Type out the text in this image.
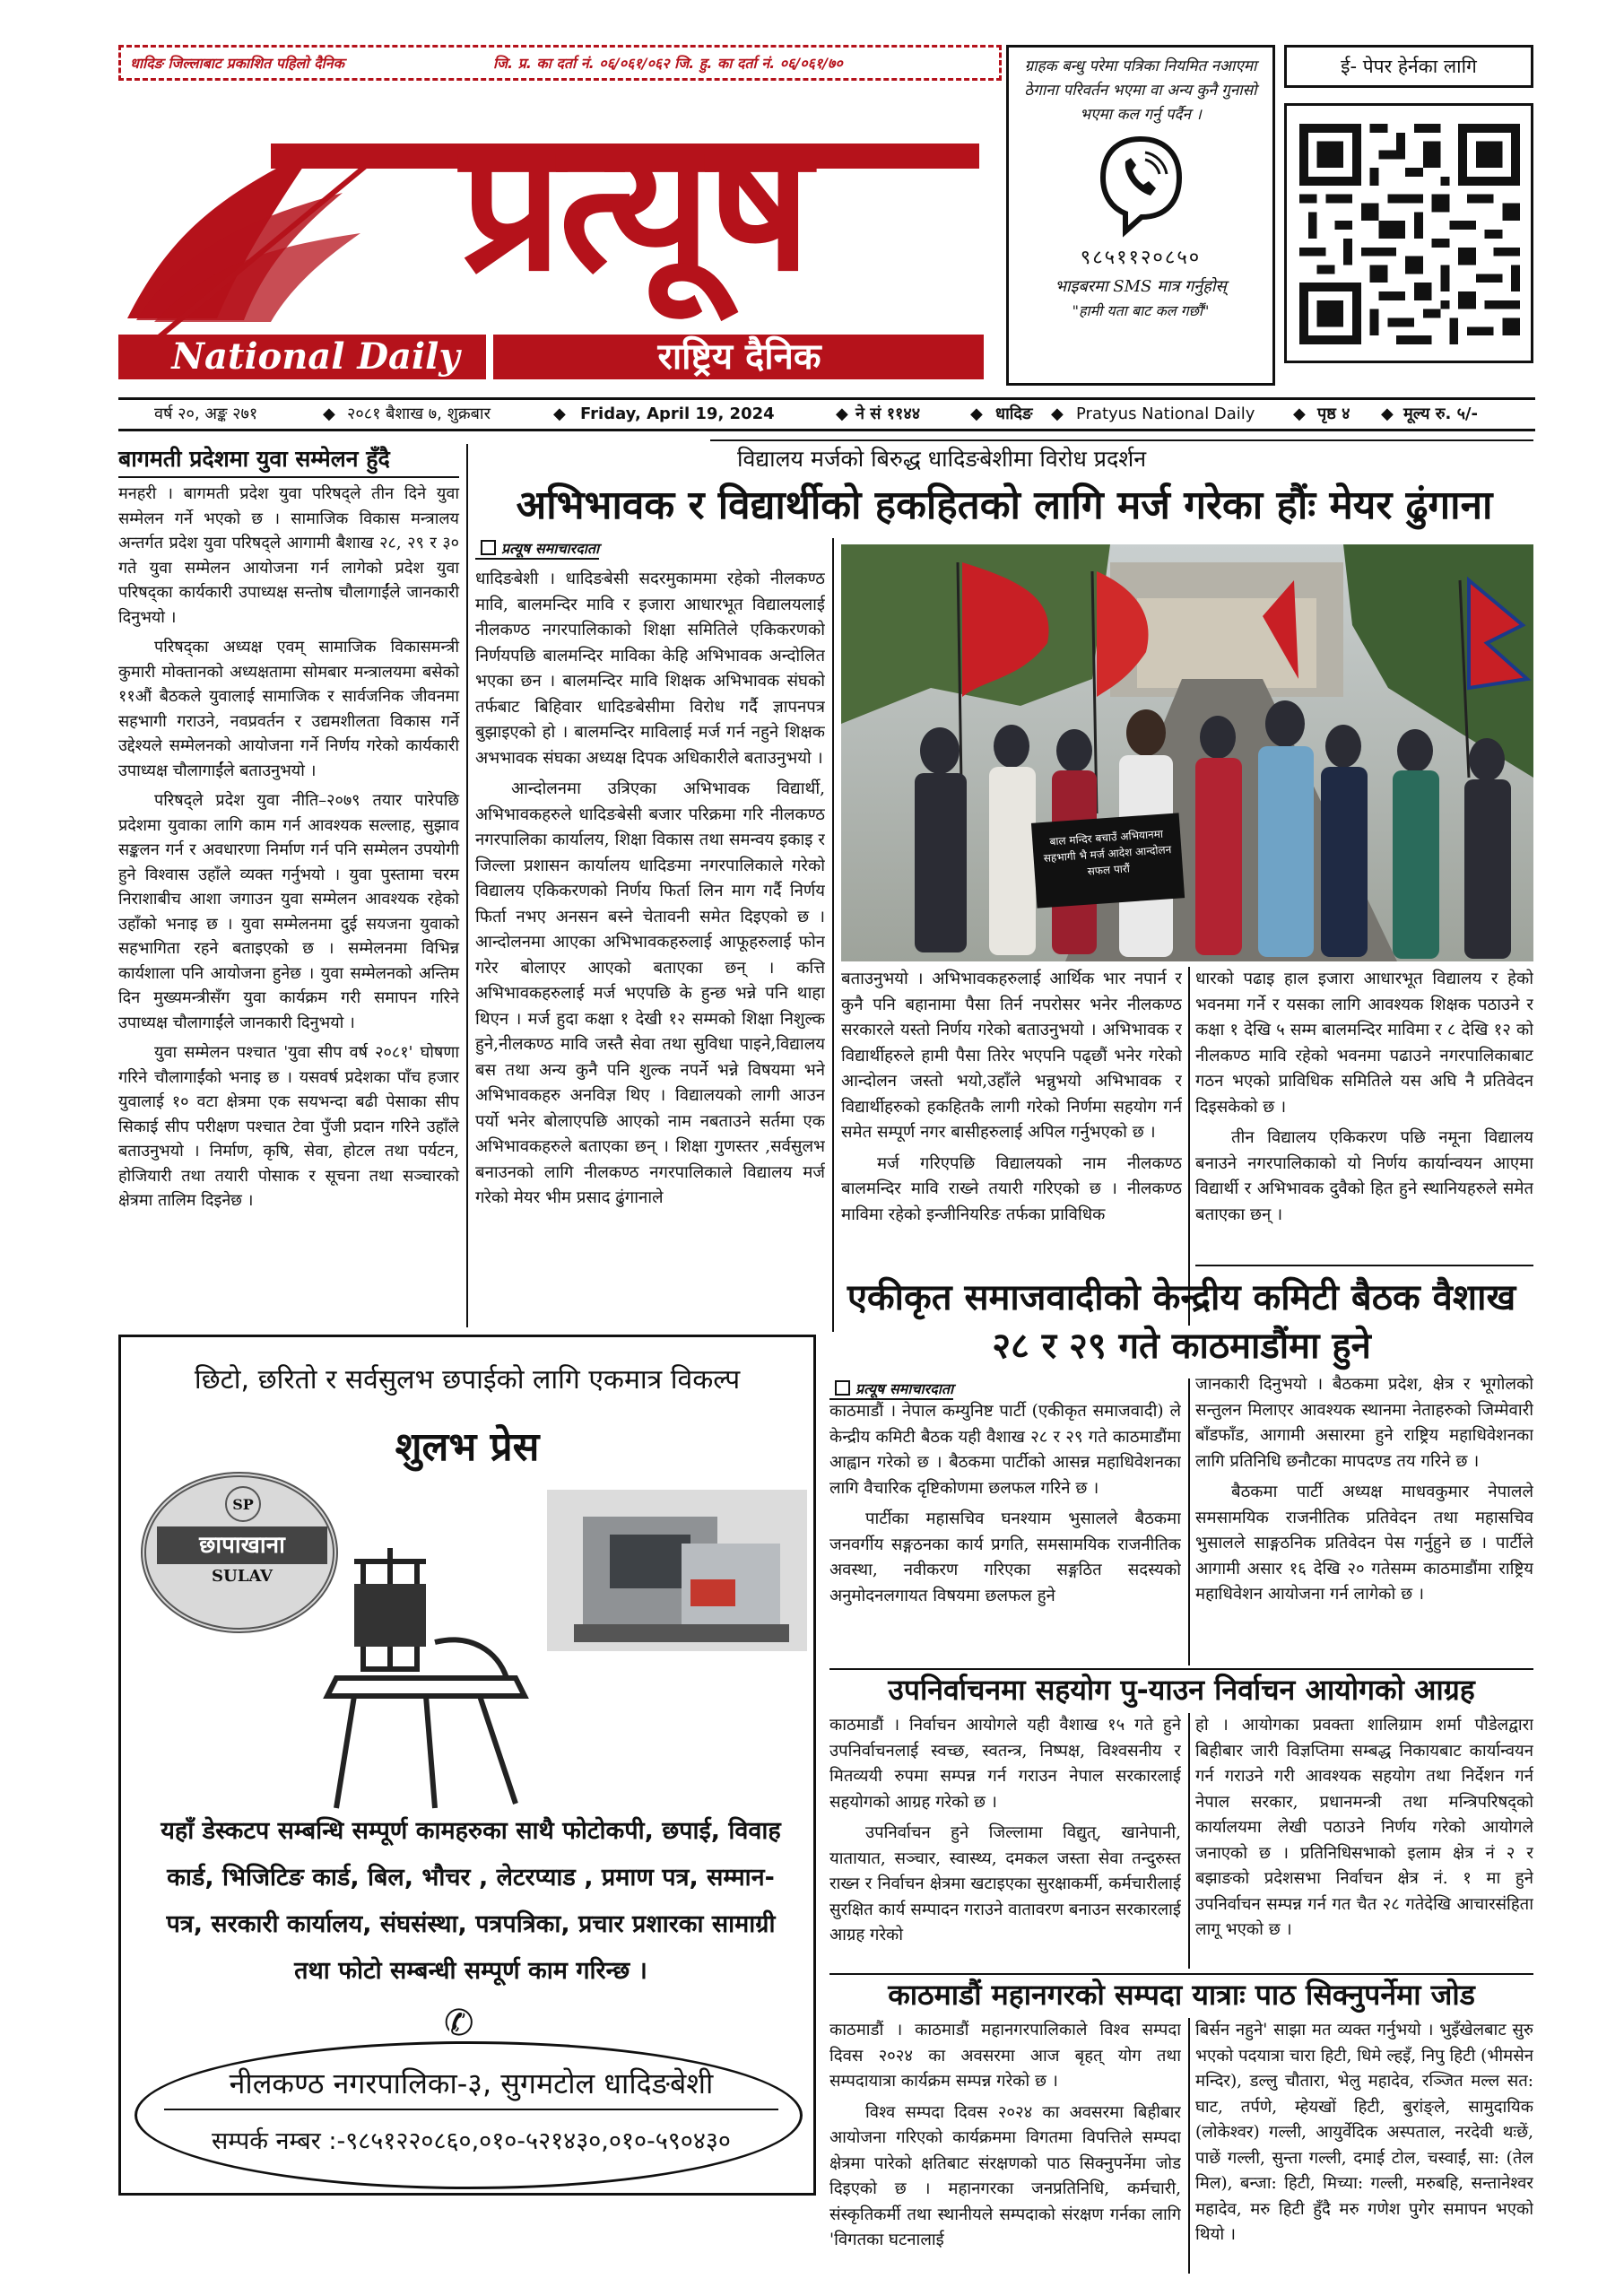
धादिङ जिल्लाबाट प्रकाशित पहिलो दैनिक	जि. प्र. का दर्ता नं. ०६/०६१/०६२ जि. हु. का दर्ता नं. ०६/०६१/७०
प्रत्यूष
National Daily	राष्ट्रिय दैनिक
ग्राहक बन्धु परेमा पत्रिका नियमित नआएमा ठेगाना परिवर्तन भएमा वा अन्य कुनै गुनासो भएमा कल गर्नु पर्दैन ।
९८५११२०८५०
भाइबरमा SMS मात्र गर्नुहोस्
"हामी यता बाट कल गर्छौं"
ई- पेपर हेर्नका लागि
वर्ष २०, अङ्क २७१	◆ २०८१ बैशाख ७, शुक्रबार	◆ Friday, April 19, 2024	◆ ने सं ११४४	◆ धादिङ ◆ Pratyus National Daily ◆ पृष्ठ ४ ◆ मूल्य रु. ५/-
बागमती प्रदेशमा युवा सम्मेलन हुँदै

मनहरी । बागमती प्रदेश युवा परिषद्ले तीन दिने युवा सम्मेलन गर्ने भएको छ । सामाजिक विकास मन्त्रालय अन्तर्गत प्रदेश युवा परिषद्ले आगामी बैशाख २८, २९ र ३० गते युवा सम्मेलन आयोजना गर्न लागेको प्रदेश युवा परिषद्का कार्यकारी उपाध्यक्ष सन्तोष चौलागाईंले जानकारी दिनुभयो ।

परिषद्का अध्यक्ष एवम् सामाजिक विकासमन्त्री कुमारी मोक्तानको अध्यक्षतामा सोमबार मन्त्रालयमा बसेको ११औं बैठकले युवालाई सामाजिक र सार्वजनिक जीवनमा सहभागी गराउने, नवप्रवर्तन र उद्यमशीलता विकास गर्ने उद्देश्यले सम्मेलनको आयोजना गर्ने निर्णय गरेको कार्यकारी उपाध्यक्ष चौलागाईंले बताउनुभयो ।

परिषद्ले प्रदेश युवा नीति–२०७९ तयार पारेपछि प्रदेशमा युवाका लागि काम गर्न आवश्यक सल्लाह, सुझाव सङ्कलन गर्न र अवधारणा निर्माण गर्न पनि सम्मेलन उपयोगी हुने विश्वास उहाँले व्यक्त गर्नुभयो । युवा पुस्तामा चरम निराशाबीच आशा जगाउन युवा सम्मेलन आवश्यक रहेको उहाँको भनाइ छ । युवा सम्मेलनमा दुई सयजना युवाको सहभागिता रहने बताइएको छ । सम्मेलनमा विभिन्न कार्यशाला पनि आयोजना हुनेछ । युवा सम्मेलनको अन्तिम दिन मुख्यमन्त्रीसँग युवा कार्यक्रम गरी समापन गरिने उपाध्यक्ष चौलागाईंले जानकारी दिनुभयो ।

युवा सम्मेलन पश्चात 'युवा सीप वर्ष २०८१' घोषणा गरिने चौलागाईंको भनाइ छ । यसवर्ष प्रदेशका पाँच हजार युवालाई १० वटा क्षेत्रमा एक सयभन्दा बढी पेसाका सीप सिकाई सीप परीक्षण पश्चात टेवा पुँजी प्रदान गरिने उहाँले बताउनुभयो । निर्माण, कृषि, सेवा, होटल तथा पर्यटन, होजियारी तथा तयारी पोसाक र सूचना तथा सञ्चारको क्षेत्रमा तालिम दिइनेछ ।

विद्यालय मर्जको बिरुद्ध धादिङबेशीमा विरोध प्रदर्शन
अभिभावक र विद्यार्थीको हकहितको लागि मर्ज गरेका हौंः मेयर ढुंगाना
प्रत्यूष समाचारदाता

धादिङबेशी । धादिङबेसी सदरमुकाममा रहेको नीलकण्ठ मावि, बालमन्दिर मावि र इजारा आधारभूत विद्यालयलाई नीलकण्ठ नगरपालिकाको शिक्षा समितिले एकिकरणको निर्णयपछि बालमन्दिर माविका केहि अभिभावक अन्दोलित भएका छन । बालमन्दिर मावि शिक्षक अभिभावक संघको तर्फबाट बिहिवार धादिङबेसीमा विरोध गर्दै ज्ञापनपत्र बुझाइएको हो । बालमन्दिर माविलाई मर्ज गर्न नहुने शिक्षक अभभावक संघका अध्यक्ष दिपक अधिकारीले बताउनुभयो ।

आन्दोलनमा उत्रिएका अभिभावक विद्यार्थी, अभिभावकहरुले धादिङबेसी बजार परिक्रमा गरि नीलकण्ठ नगरपालिका कार्यालय, शिक्षा विकास तथा समन्वय इकाइ र जिल्ला प्रशासन कार्यालय धादिङमा नगरपालिकाले गरेको विद्यालय एकिकरणको निर्णय फिर्ता लिन माग गर्दै निर्णय फिर्ता नभए अनसन बस्ने चेतावनी समेत दिइएको छ । आन्दोलनमा आएका अभिभावकहरुलाई आफूहरुलाई फोन गरेर बोलाएर आएको बताएका छन् । कत्ति अभिभावकहरुलाई मर्ज भएपछि के हुन्छ भन्ने पनि थाहा थिएन । मर्ज हुदा कक्षा १ देखी १२ सम्मको शिक्षा निशुल्क हुने,नीलकण्ठ मावि जस्तै सेवा तथा सुविधा पाइने,विद्यालय बस तथा अन्य कुनै पनि शुल्क नपर्ने भन्ने विषयमा भने अभिभावकहरु अनविज्ञ थिए । विद्यालयको लागी आउन पर्यो भनेर बोलाएपछि आएको नाम नबताउने सर्तमा एक अभिभावकहरुले बताएका छन् । शिक्षा गुणस्तर ,सर्वसुलभ बनाउनको लागि नीलकण्ठ नगरपालिकाले विद्यालय मर्ज गरेको मेयर भीम प्रसाद ढुंगानाले

बाल मन्दिर बचाउँ अभियानमा सहभागी भै मर्ज आदेश आन्दोलन सफल पारौं

बताउनुभयो । अभिभावकहरुलाई आर्थिक भार नपार्न र कुनै पनि बहानामा पैसा तिर्न नपरोसर भनेर नीलकण्ठ सरकारले यस्तो निर्णय गरेको बताउनुभयो । अभिभावक र विद्यार्थीहरुले हामी पैसा तिरेर भएपनि पढ्छौं भनेर गरेको आन्दोलन जस्तो भयो,उहाँले भन्नुभयो अभिभावक र विद्यार्थीहरुको हकहितकै लागी गरेको निर्णमा सहयोग गर्न समेत सम्पूर्ण नगर बासीहरुलाई अपिल गर्नुभएको छ ।

मर्ज गरिएपछि विद्यालयको नाम नीलकण्ठ बालमन्दिर मावि राख्ने तयारी गरिएको छ । नीलकण्ठ माविमा रहेको इन्जीनियरिङ तर्फका प्राविधिक

धारको पढाइ हाल इजारा आधारभूत विद्यालय र हेको भवनमा गर्ने र यसका लागि आवश्यक शिक्षक पठाउने र कक्षा १ देखि ५ सम्म बालमन्दिर माविमा र ८ देखि १२ को नीलकण्ठ मावि रहेको भवनमा पढाउने नगरपालिकाबाट गठन भएको प्राविधिक समितिले यस अघि नै प्रतिवेदन दिइसकेको छ ।

तीन विद्यालय एकिकरण पछि नमूना विद्यालय बनाउने नगरपालिकाको यो निर्णय कार्यान्वयन आएमा विद्यार्थी र अभिभावक दुवैको हित हुने स्थानियहरुले समेत बताएका छन् ।

छिटो, छरितो र सर्वसुलभ छपाईको लागि एकमात्र विकल्प
शुलभ प्रेस
SP
छापाखाना
SULAV
यहाँ डेस्कटप सम्बन्धि सम्पूर्ण कामहरुका साथै फोटोकपी, छपाई, विवाह कार्ड, भिजिटिङ कार्ड, बिल, भौचर , लेटरप्याड , प्रमाण पत्र, सम्मान-पत्र, सरकारी कार्यालय, संघसंस्था, पत्रपत्रिका, प्रचार प्रशारका सामाग्री तथा फोटो सम्बन्धी सम्पूर्ण काम गरिन्छ ।
✆
नीलकण्ठ नगरपालिका-३, सुगमटोल धादिङबेशी
सम्पर्क नम्बर :-९८५१२२०८६०,०१०-५२१४३०,०१०-५९०४३०
एकीकृत समाजवादीको केन्द्रीय कमिटी बैठक वैशाख २८ र २९ गते काठमाडौंमा हुने
प्रत्यूष समाचारदाता

काठमाडौं । नेपाल कम्युनिष्ट पार्टी (एकीकृत समाजवादी) ले केन्द्रीय कमिटी बैठक यही वैशाख २८ र २९ गते काठमाडौंमा आह्वान गरेको छ । बैठकमा पार्टीको आसन्न महाधिवेशनका लागि वैचारिक दृष्टिकोणमा छलफल गरिने छ ।

पार्टीका महासचिव घनश्याम भुसालले बैठकमा जनवर्गीय सङ्गठनका कार्य प्रगति, समसामयिक राजनीतिक अवस्था, नवीकरण गरिएका सङ्गठित सदस्यको अनुमोदनलगायत विषयमा छलफल हुने

जानकारी दिनुभयो । बैठकमा प्रदेश, क्षेत्र र भूगोलको सन्तुलन मिलाएर आवश्यक स्थानमा नेताहरुको जिम्मेवारी बाँडफाँड, आगामी असारमा हुने राष्ट्रिय महाधिवेशनका लागि प्रतिनिधि छनौटका मापदण्ड तय गरिने छ ।

बैठकमा पार्टी अध्यक्ष माधवकुमार नेपालले समसामयिक राजनीतिक प्रतिवेदन तथा महासचिव भुसालले साङ्गठनिक प्रतिवेदन पेस गर्नुहुने छ । पार्टीले आगामी असार १६ देखि २० गतेसम्म काठमाडौंमा राष्ट्रिय महाधिवेशन आयोजना गर्न लागेको छ ।

उपनिर्वाचनमा सहयोग पु-याउन निर्वाचन आयोगको आग्रह

काठमाडौं । निर्वाचन आयोगले यही वैशाख १५ गते हुने उपनिर्वाचनलाई स्वच्छ, स्वतन्त्र, निष्पक्ष, विश्वसनीय र मितव्ययी रुपमा सम्पन्न गर्न गराउन नेपाल सरकारलाई सहयोगको आग्रह गरेको छ ।

उपनिर्वाचन हुने जिल्लामा विद्युत्, खानेपानी, यातायात, सञ्चार, स्वास्थ्य, दमकल जस्ता सेवा तन्दुरुस्त राख्न र निर्वाचन क्षेत्रमा खटाइएका सुरक्षाकर्मी, कर्मचारीलाई सुरक्षित कार्य सम्पादन गराउने वातावरण बनाउन सरकारलाई आग्रह गरेको

हो । आयोगका प्रवक्ता शालिग्राम शर्मा पौडेलद्वारा बिहीबार जारी विज्ञप्तिमा सम्बद्ध निकायबाट कार्यान्वयन गर्न गराउने गरी आवश्यक सहयोग तथा निर्देशन गर्न नेपाल सरकार, प्रधानमन्त्री तथा मन्त्रिपरिषद्को कार्यालयमा लेखी पठाउने निर्णय गरेको आयोगले जनाएको छ । प्रतिनिधिसभाको इलाम क्षेत्र नं २ र बझाङको प्रदेशसभा निर्वाचन क्षेत्र नं. १ मा हुने उपनिर्वाचन सम्पन्न गर्न गत चैत २८ गतेदेखि आचारसंहिता लागू भएको छ ।

काठमाडौं महानगरको सम्पदा यात्राः पाठ सिक्नुपर्नेमा जोड

काठमाडौं । काठमाडौं महानगरपालिकाले विश्व सम्पदा दिवस २०२४ का अवसरमा आज बृहत् योग तथा सम्पदायात्रा कार्यक्रम सम्पन्न गरेको छ ।

विश्व सम्पदा दिवस २०२४ का अवसरमा बिहीबार आयोजना गरिएको कार्यक्रममा विगतमा विपत्तिले सम्पदा क्षेत्रमा पारेको क्षतिबाट संरक्षणको पाठ सिक्नुपर्नेमा जोड दिइएको छ । महानगरका जनप्रतिनिधि, कर्मचारी, संस्कृतिकर्मी तथा स्थानीयले सम्पदाको संरक्षण गर्नका लागि 'विगतका घटनालाई

बिर्सन नहुने' साझा मत व्यक्त गर्नुभयो । भुइँखेलबाट सुरु भएको पदयात्रा चारा हिटी, धिमे ल्हइँ, निपु हिटी (भीमसेन मन्दिर), डल्लु चौतारा, भेलु महादेव, रञ्जित मल्ल सत: घाट, तर्पणे, म्हेयखों हिटी, बुरांङ्ले, सामुदायिक (लोकेश्वर) गल्ली, आयुर्वेदिक अस्पताल, नरदेवी थःछें, पाछें गल्ली, सुन्ता गल्ली, दमाई टोल, चस्वाईं, सा: (तेल मिल), बन्जा: हिटी, मिच्या: गल्ली, मरुबहि, सन्तानेश्वर महादेव, मरु हिटी हुँदै मरु गणेश पुगेर समापन भएको थियो ।
